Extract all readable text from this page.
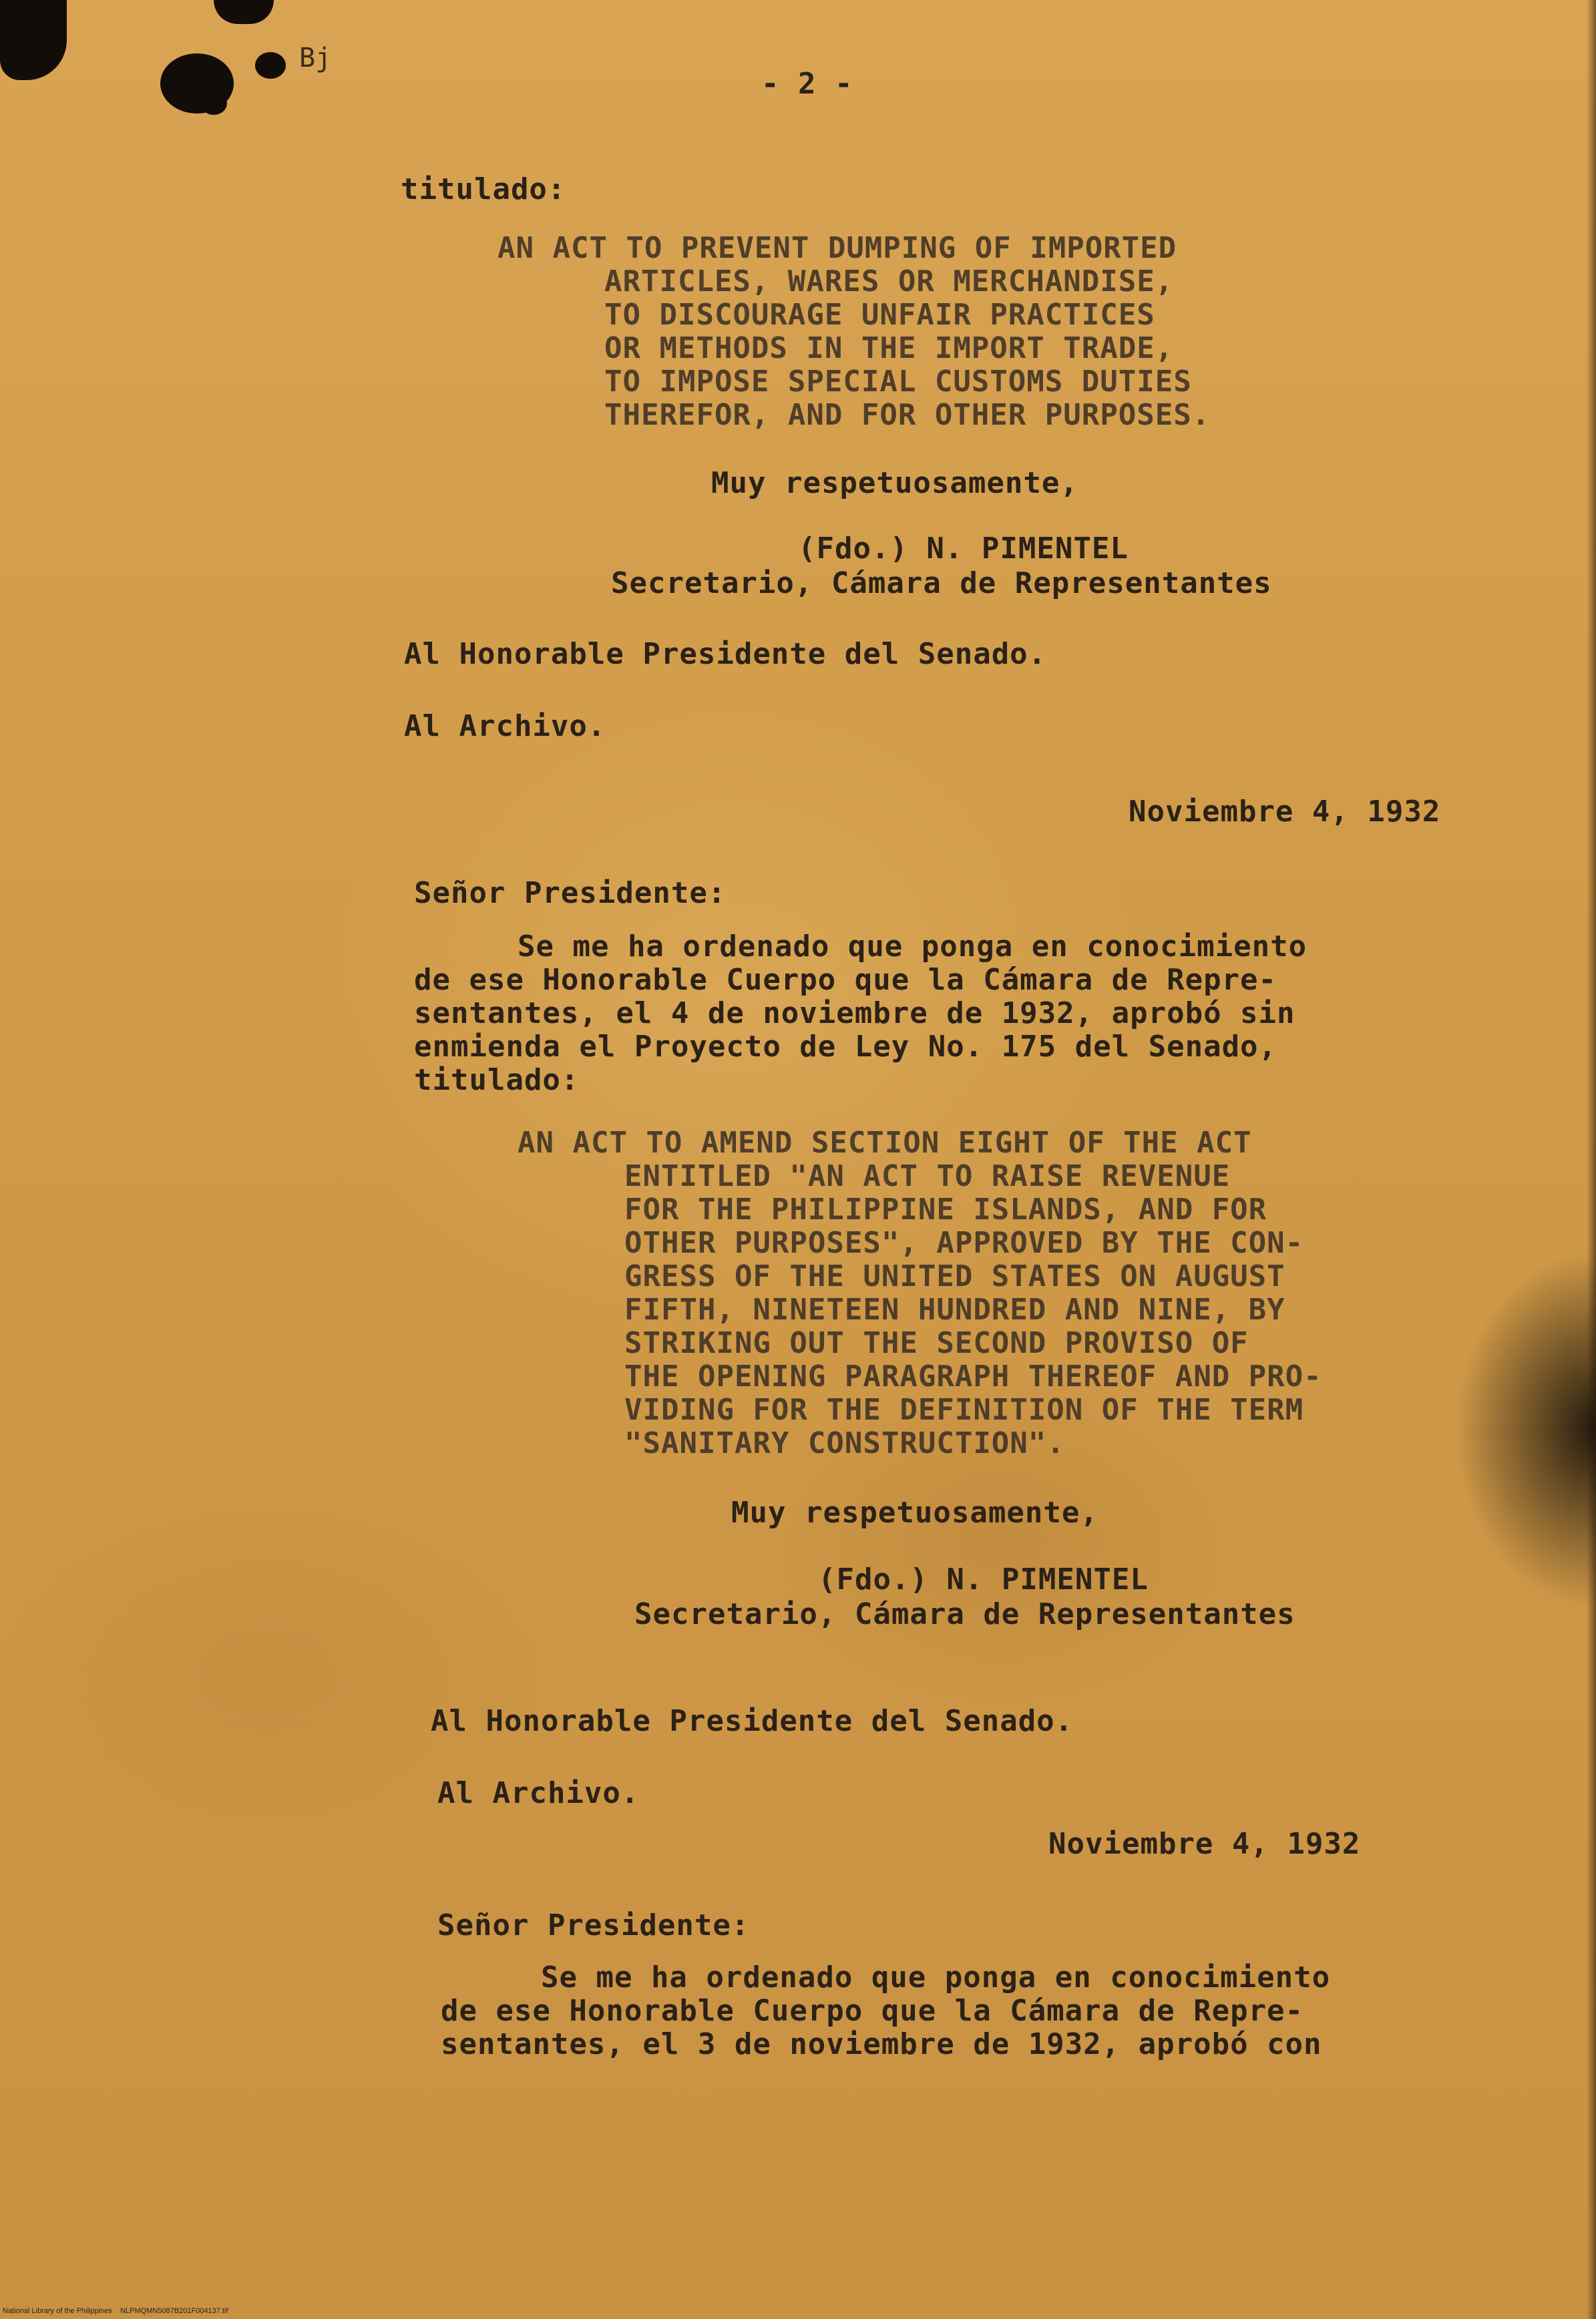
Bj
- 2 -
titulado:
AN ACT TO PREVENT DUMPING OF IMPORTED
ARTICLES, WARES OR MERCHANDISE,
TO DISCOURAGE UNFAIR PRACTICES
OR METHODS IN THE IMPORT TRADE,
TO IMPOSE SPECIAL CUSTOMS DUTIES
THEREFOR, AND FOR OTHER PURPOSES.
Muy respetuosamente,
(Fdo.) N. PIMENTEL
Secretario, Cámara de Representantes
Al Honorable Presidente del Senado.
Al Archivo.
Noviembre 4, 1932
Señor Presidente:
Se me ha ordenado que ponga en conocimiento
de ese Honorable Cuerpo que la Cámara de Repre-
sentantes, el 4 de noviembre de 1932, aprobó sin
enmienda el Proyecto de Ley No. 175 del Senado,
titulado:
AN ACT TO AMEND SECTION EIGHT OF THE ACT
ENTITLED "AN ACT TO RAISE REVENUE
FOR THE PHILIPPINE ISLANDS, AND FOR
OTHER PURPOSES", APPROVED BY THE CON-
GRESS OF THE UNITED STATES ON AUGUST
FIFTH, NINETEEN HUNDRED AND NINE, BY
STRIKING OUT THE SECOND PROVISO OF
THE OPENING PARAGRAPH THEREOF AND PRO-
VIDING FOR THE DEFINITION OF THE TERM
"SANITARY CONSTRUCTION".
Muy respetuosamente,
(Fdo.) N. PIMENTEL
Secretario, Cámara de Representantes
Al Honorable Presidente del Senado.
Al Archivo.
Noviembre 4, 1932
Señor Presidente:
Se me ha ordenado que ponga en conocimiento
de ese Honorable Cuerpo que la Cámara de Repre-
sentantes, el 3 de noviembre de 1932, aprobó con
National Library of the Philippines    NLPMQMN5087B201F004137.tif
